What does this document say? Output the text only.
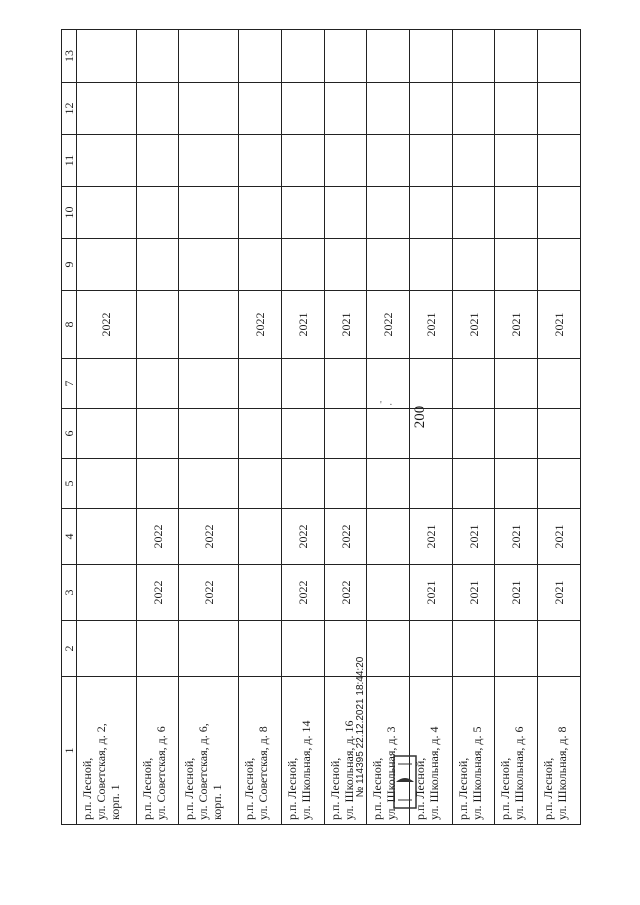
200
'   ·
1	2	3	4	5	6	7	8	9	10	11	12	13
р.п. Лесной,
ул. Советская, д. 2,
корп. 1							2022					
р.п. Лесной,
ул. Советская, д. 6		2022	2022									
р.п. Лесной,
ул. Советская, д. 6,
корп. 1		2022	2022									
р.п. Лесной,
ул. Советская, д. 8							2022					
р.п. Лесной,
ул. Школьная, д. 14		2022	2022				2021					
р.п. Лесной,
ул. Школьная, д. 16		2022	2022				2021					
р.п. Лесной,
ул. Школьная, д. 3							2022					
р.п. Лесной,
ул. Школьная, д. 4		2021	2021				2021					
р.п. Лесной,
ул. Школьная, д. 5		2021	2021				2021					
р.п. Лесной,
ул. Школьная, д. 6		2021	2021				2021					
р.п. Лесной,
ул. Школьная, д. 8		2021	2021				2021					
№ 114395 22.12.2021 18:44:20
